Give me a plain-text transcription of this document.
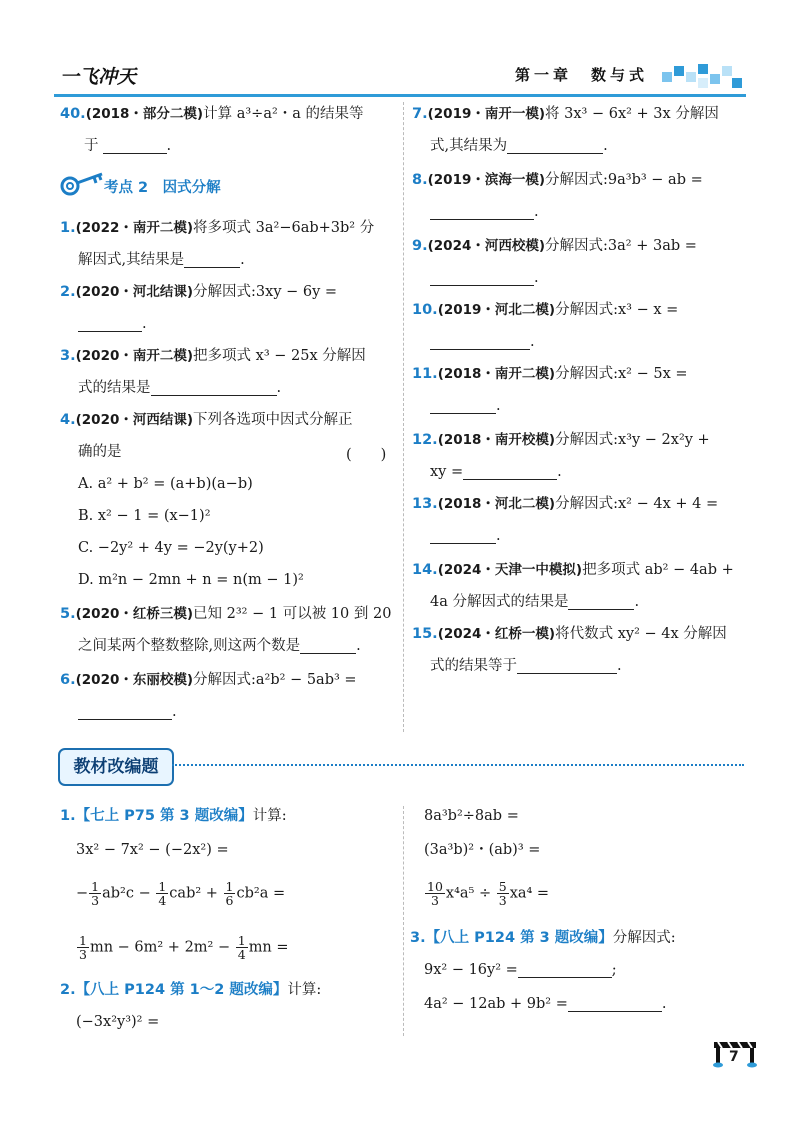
一飞冲天	第一章　数与式
40.(2018・部分二模)计算 a³÷a²・a 的结果等
于	.
考点 2　因式分解
1.(2022・南开二模)将多项式 3a²−6ab+3b² 分
解因式,其结果是	.
2.(2020・河北结课)分解因式:3xy − 6y =
.
3.(2020・南开二模)把多项式 x³ − 25x 分解因
式的结果是	.
4.(2020・河西结课)下列各选项中因式分解正
确的是	(　　)
A. a² + b² = (a+b)(a−b)
B. x² − 1 = (x−1)²
C. −2y² + 4y = −2y(y+2)
D. m²n − 2mn + n = n(m − 1)²
5.(2020・红桥三模)已知 2³² − 1 可以被 10 到 20
之间某两个整数整除,则这两个数是	.
6.(2020・东丽校模)分解因式:a²b² − 5ab³ =
.
7.(2019・南开一模)将 3x³ − 6x² + 3x 分解因
式,其结果为	.
8.(2019・滨海一模)分解因式:9a³b³ − ab =
.
9.(2024・河西校模)分解因式:3a² + 3ab =
.
10.(2019・河北二模)分解因式:x³ − x =
.
11.(2018・南开二模)分解因式:x² − 5x =
.
12.(2018・南开校模)分解因式:x³y − 2x²y +
xy =	.
13.(2018・河北二模)分解因式:x² − 4x + 4 =
.
14.(2024・天津一中模拟)把多项式 ab² − 4ab +
4a 分解因式的结果是	.
15.(2024・红桥一模)将代数式 xy² − 4x 分解因
式的结果等于	.
教材改编题
1.【七上 P75 第 3 题改编】计算:
3x² − 7x² − (−2x²) =
− $\frac{1}{3} ab^2c - \frac{1}{4} cab^2 + \frac{1}{6} cb^2a$ =
$\frac{1}{3}$ mn − $6m^2 + 2m^2 - \frac{1}{4}$ mn =
2.【八上 P124 第 1～2 题改编】计算:
(−3x²y³)² =
8a³b²÷8ab =
(3a³b)²・(ab)³ =
$\frac{10}{3} x^4a^5 \div \frac{5}{3} xa^4$ =
3.【八上 P124 第 3 题改编】分解因式:
9x² − 16y² =	;
4a² − 12ab + 9b² =	.
7
